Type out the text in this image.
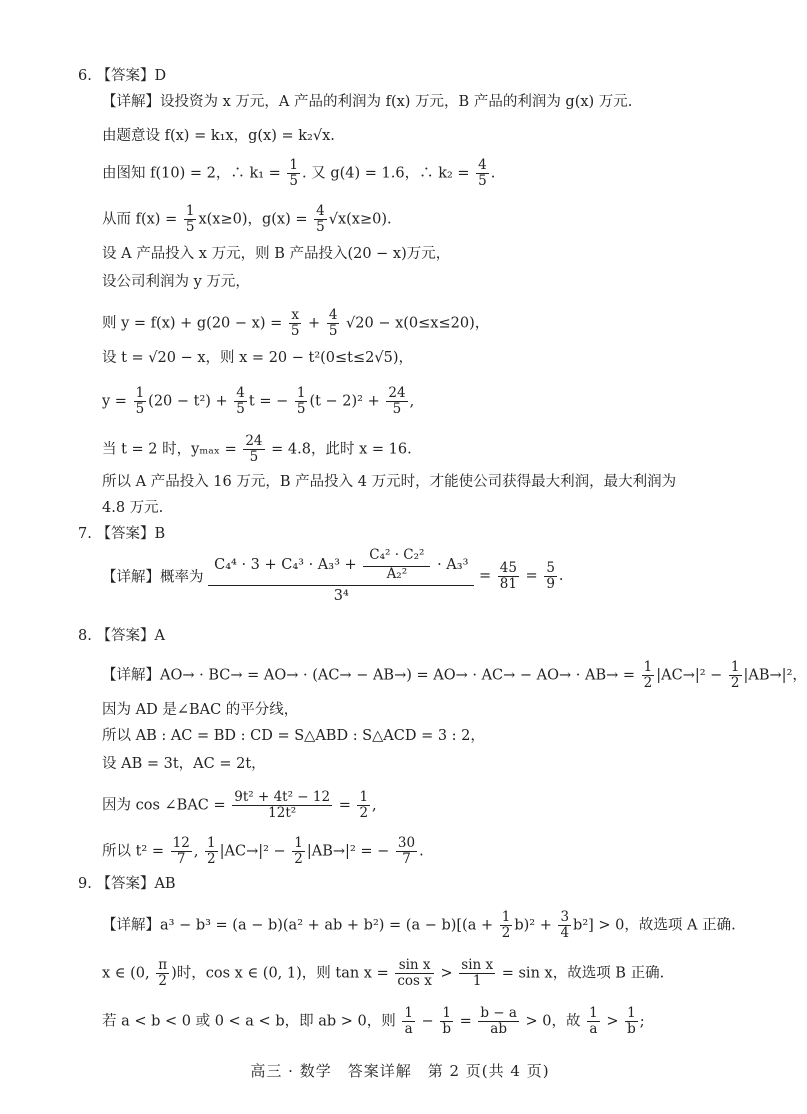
6. 【答案】D
【详解】设投资为 x 万元，A 产品的利润为 f(x) 万元，B 产品的利润为 g(x) 万元.
由题意设 f(x) = k₁x，g(x) = k₂√x.
由图知 f(10) = 2，∴ $k_1 = \frac{1}{5}$ . 又 g(4) = 1.6，∴ $k_2 = \frac{4}{5}$ .
从而 $f(x) = \frac{1}{5} x(x\ge 0)$，$g(x) = \frac{4}{5} √x(x\ge 0)$.
设 A 产品投入 x 万元，则 B 产品投入(20 − x)万元，
设公司利润为 y 万元，
则 $y = f(x) + g(20 - x) = \frac{x}{5} + \frac{4}{5} √20 - x(0\le x\le 20)$，
设 t = √20 − x，则 x = 20 − t²(0≤t≤2√5)，
$y = \frac{1}{5} (20 - t^2) + \frac{4}{5}$ t = − $\frac{1}{5} (t - 2)^2 + \frac{24}{5}$ ,
当 t = 2 时，$y_{max} = \frac{24}{5} = 4.8$，此时 x = 16.
所以 A 产品投入 16 万元，B 产品投入 4 万元时，才能使公司获得最大利润，最大利润为
4.8 万元.
7. 【答案】B
【详解】概率为 $\frac{C_4^4 \cdot 3 + C_4^3 \cdot A_3^3 + \frac{\text{C₄² · C₂²}}{\text{A₂²}} \cdot A_3^3}{\text{3⁴}} = \frac{45}{81} = \frac{5}{9}$ .
8. 【答案】A
【详解】$AO\to \cdot BC\to = AO\to \cdot (AC\to - AB\to) = AO\to \cdot AC\to - AO\to \cdot AB\to = \frac{1}{2} |AC\to|^2 - \frac{1}{2} |AB\to|^2$，
因为 AD 是∠BAC 的平分线，
所以 AB : AC = BD : CD = S△ABD : S△ACD = 3 : 2，
设 AB = 3t，AC = 2t，
因为 cos ∠BAC = $\frac{\text{9t² + 4t² − 12}}{\text{12t²}} = \frac{1}{2}$ ,
所以 $t^2 = \frac{12}{7}$ , $\frac{1}{2} |AC\to|^2 - \frac{1}{2} |AB\to|^2$ = − $\frac{30}{7}$ .
9. 【答案】AB
【详解】a³ − b³ = (a − b)(a² + ab + $b^2) = (a - b)[(a + \frac{1}{2} b)^2 + \frac{3}{4} b^2] > 0$，故选项 A 正确.
x ∈ (0, $\frac{\pi}{2}$ )时，cos x ∈ (0, 1)，则 $\tan x = \frac{\text{sin x}}{\text{cos x}} > \frac{\text{sin x}}{1} = \sin x$，故选项 B 正确.
若 a < b < 0 或 0 < a < b，即 ab > 0，则 $\frac{1}{a} - \frac{1}{b} = \frac{b - a}{ab} > 0$，故 $\frac{1}{a} > \frac{1}{b}$ ;
高三 · 数学　答案详解　第 2 页(共 4 页)
